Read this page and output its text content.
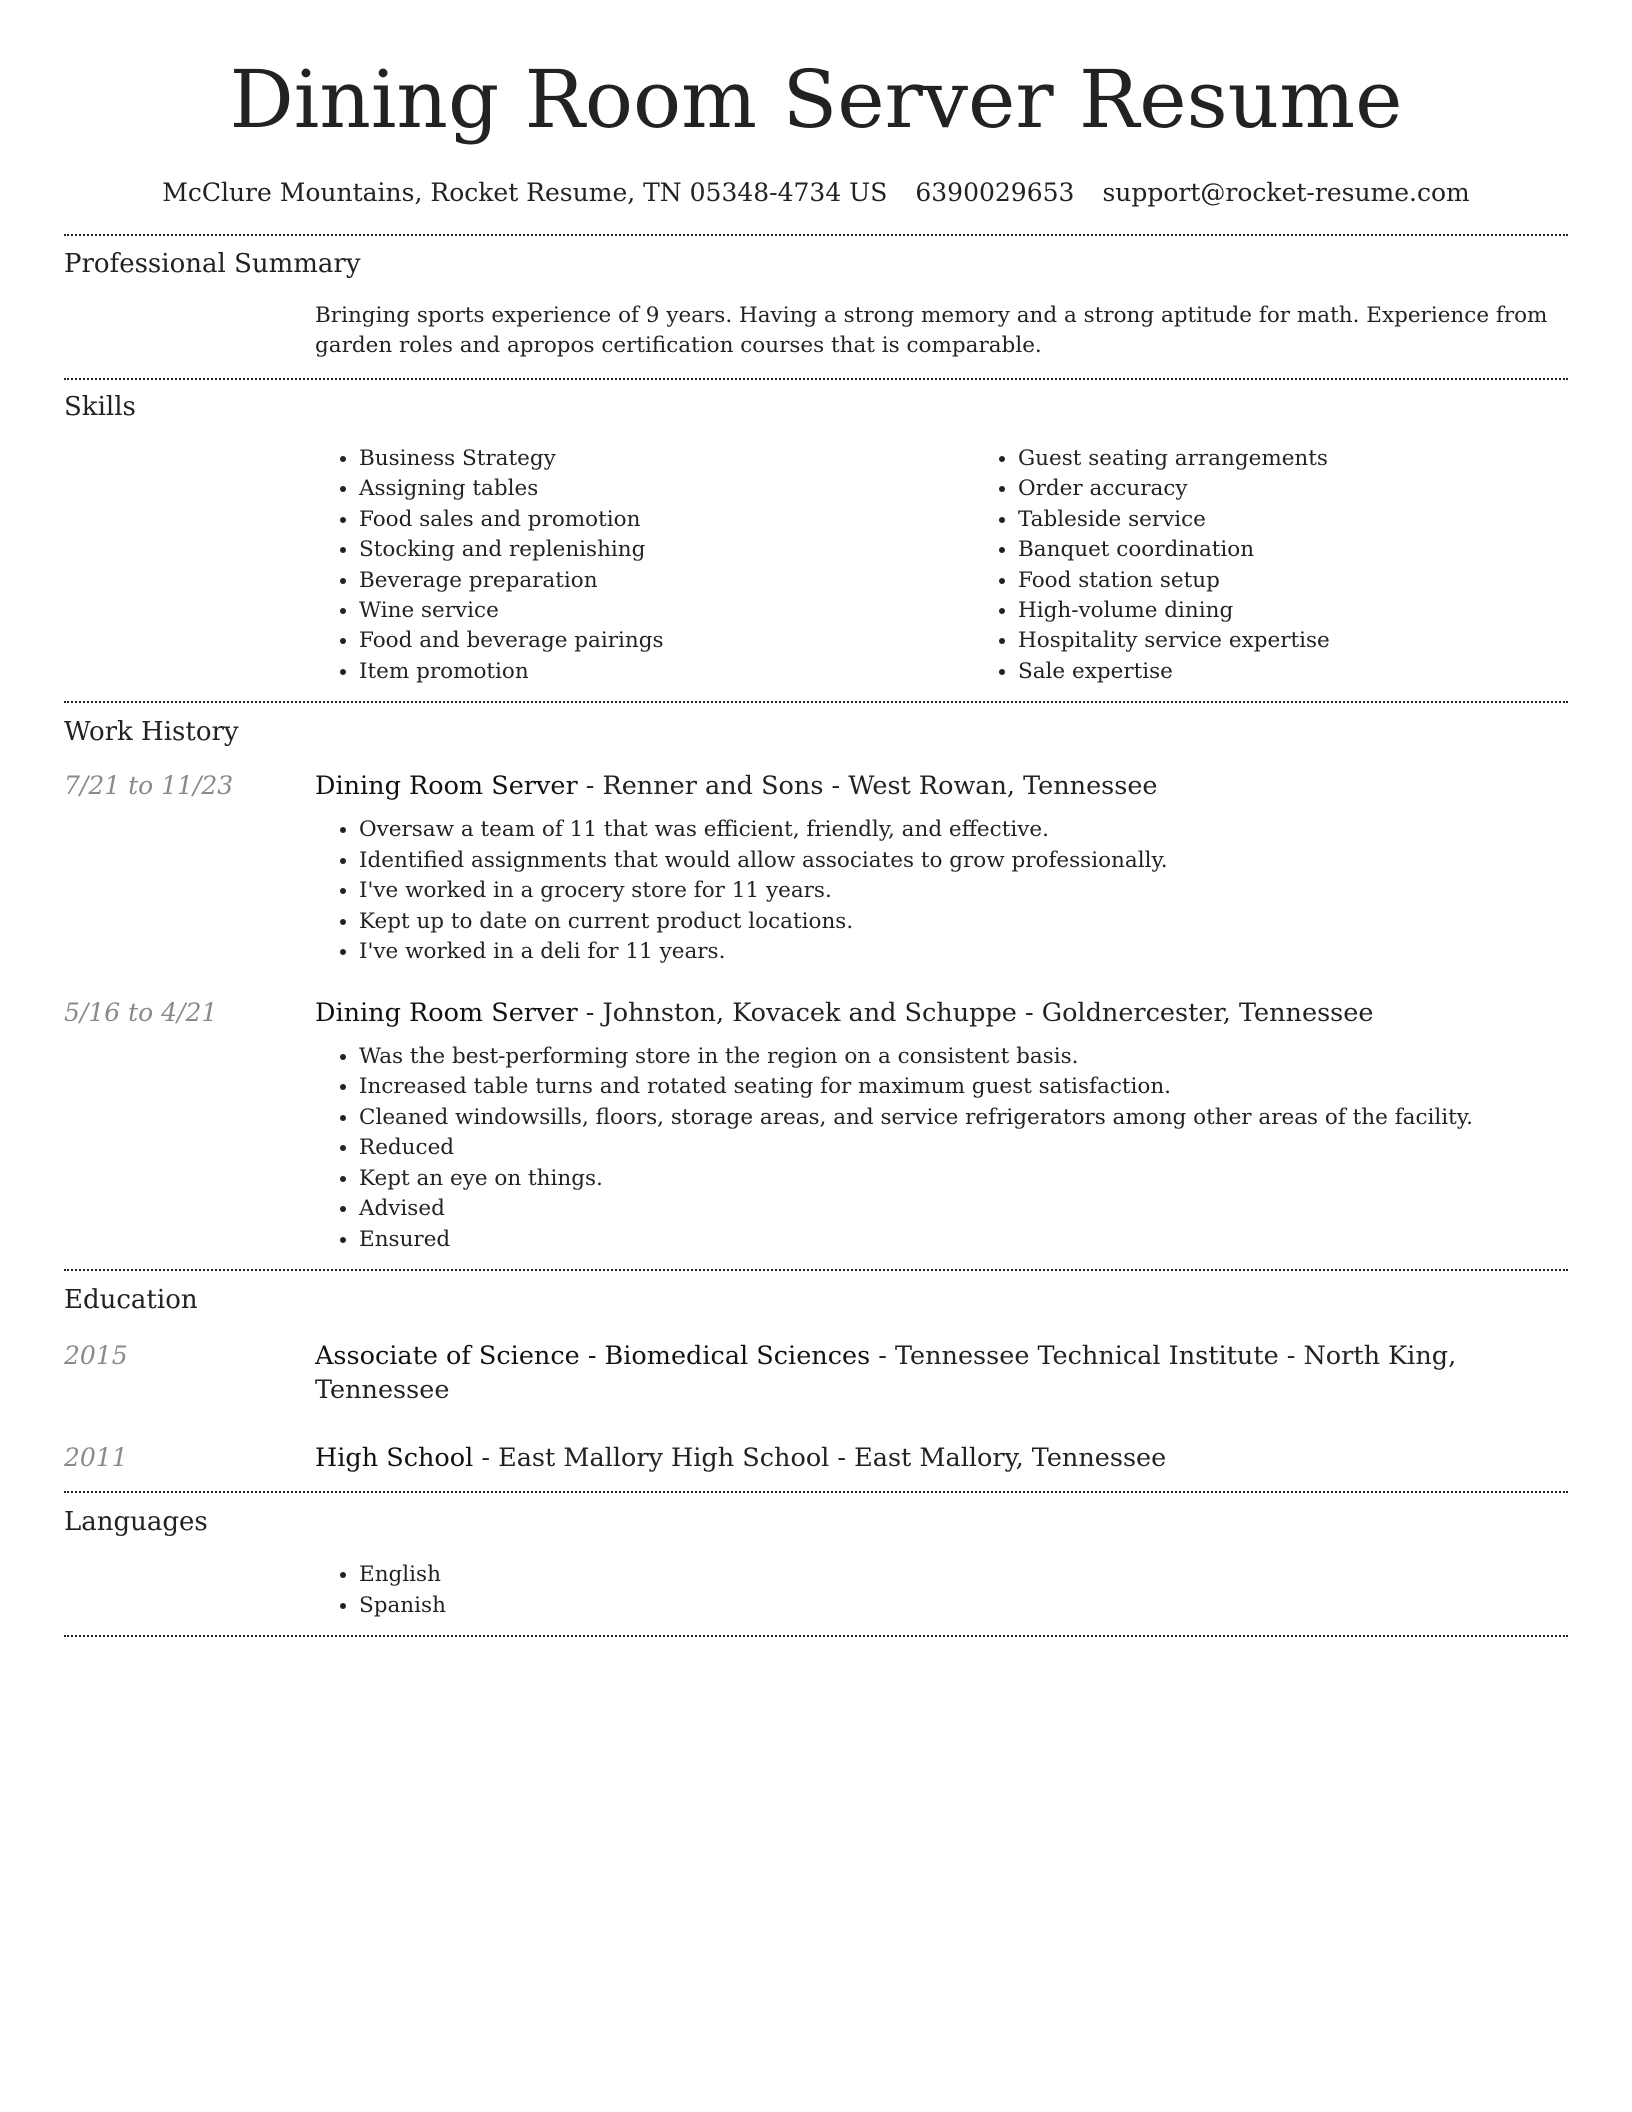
Dining Room Server Resume
McClure Mountains, Rocket Resume, TN 05348-4734 US 6390029653 support@rocket-resume.com
Professional Summary

Bringing sports experience of 9 years. Having a strong memory and a strong aptitude for math. Experience from garden roles and apropos certification courses that is comparable.

Skills
• Business Strategy
• Assigning tables
• Food sales and promotion
• Stocking and replenishing
• Beverage preparation
• Wine service
• Food and beverage pairings
• Item promotion
• Guest seating arrangements
• Order accuracy
• Tableside service
• Banquet coordination
• Food station setup
• High-volume dining
• Hospitality service expertise
• Sale expertise
Work History
7/21 to 11/23	Dining Room Server - Renner and Sons - West Rowan, Tennessee
• Oversaw a team of 11 that was efficient, friendly, and effective.
• Identified assignments that would allow associates to grow professionally.
• I've worked in a grocery store for 11 years.
• Kept up to date on current product locations.
• I've worked in a deli for 11 years.
5/16 to 4/21	Dining Room Server - Johnston, Kovacek and Schuppe - Goldnercester, Tennessee
• Was the best-performing store in the region on a consistent basis.
• Increased table turns and rotated seating for maximum guest satisfaction.
• Cleaned windowsills, floors, storage areas, and service refrigerators among other areas of the facility.
• Reduced
• Kept an eye on things.
• Advised
• Ensured
Education
2015	Associate of Science - Biomedical Sciences - Tennessee Technical Institute - North King, Tennessee
2011	High School - East Mallory High School - East Mallory, Tennessee
Languages
• English
• Spanish
